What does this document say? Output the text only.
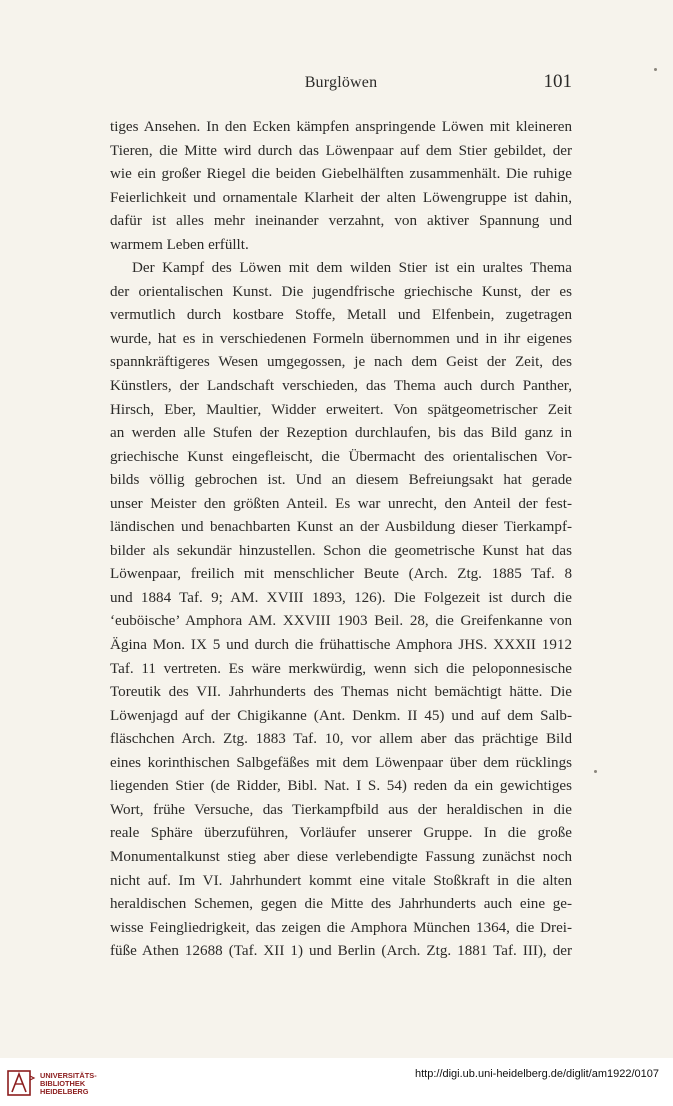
Burglöwen	101
tiges Ansehen. In den Ecken kämpfen anspringende Löwen mit kleineren
Tieren, die Mitte wird durch das Löwenpaar auf dem Stier gebildet, der
wie ein großer Riegel die beiden Giebelhälften zusammenhält. Die ruhige
Feierlichkeit und ornamentale Klarheit der alten Löwengruppe ist dahin,
dafür ist alles mehr ineinander verzahnt, von aktiver Spannung und
warmem Leben erfüllt.
Der Kampf des Löwen mit dem wilden Stier ist ein uraltes Thema
der orientalischen Kunst. Die jugendfrische griechische Kunst, der es
vermutlich durch kostbare Stoffe, Metall und Elfenbein, zugetragen
wurde, hat es in verschiedenen Formeln übernommen und in ihr eigenes
spannkräftigeres Wesen umgegossen, je nach dem Geist der Zeit, des
Künstlers, der Landschaft verschieden, das Thema auch durch Panther,
Hirsch, Eber, Maultier, Widder erweitert. Von spätgeometrischer Zeit
an werden alle Stufen der Rezeption durchlaufen, bis das Bild ganz in
griechische Kunst eingefleischt, die Übermacht des orientalischen Vor-
bilds völlig gebrochen ist. Und an diesem Befreiungsakt hat gerade
unser Meister den größten Anteil. Es war unrecht, den Anteil der fest-
ländischen und benachbarten Kunst an der Ausbildung dieser Tierkampf-
bilder als sekundär hinzustellen. Schon die geometrische Kunst hat das
Löwenpaar, freilich mit menschlicher Beute (Arch. Ztg. 1885 Taf. 8
und 1884 Taf. 9; AM. XVIII 1893, 126). Die Folgezeit ist durch die
‘euböische’ Amphora AM. XXVIII 1903 Beil. 28, die Greifenkanne von
Ägina Mon. IX 5 und durch die frühattische Amphora JHS. XXXII 1912
Taf. 11 vertreten. Es wäre merkwürdig, wenn sich die peloponnesische
Toreutik des VII. Jahrhunderts des Themas nicht bemächtigt hätte. Die
Löwenjagd auf der Chigikanne (Ant. Denkm. II 45) und auf dem Salb-
fläschchen Arch. Ztg. 1883 Taf. 10, vor allem aber das prächtige Bild
eines korinthischen Salbgefäßes mit dem Löwenpaar über dem rücklings
liegenden Stier (de Ridder, Bibl. Nat. I S. 54) reden da ein gewichtiges
Wort, frühe Versuche, das Tierkampfbild aus der heraldischen in die
reale Sphäre überzuführen, Vorläufer unserer Gruppe. In die große
Monumentalkunst stieg aber diese verlebendigte Fassung zunächst noch
nicht auf. Im VI. Jahrhundert kommt eine vitale Stoßkraft in die alten
heraldischen Schemen, gegen die Mitte des Jahrhunderts auch eine ge-
wisse Feingliedrigkeit, das zeigen die Amphora München 1364, die Drei-
füße Athen 12688 (Taf. XII 1) und Berlin (Arch. Ztg. 1881 Taf. III), der
UNIVERSITÄTS-
BIBLIOTHEK
HEIDELBERG
http://digi.ub.uni-heidelberg.de/diglit/am1922/0107
